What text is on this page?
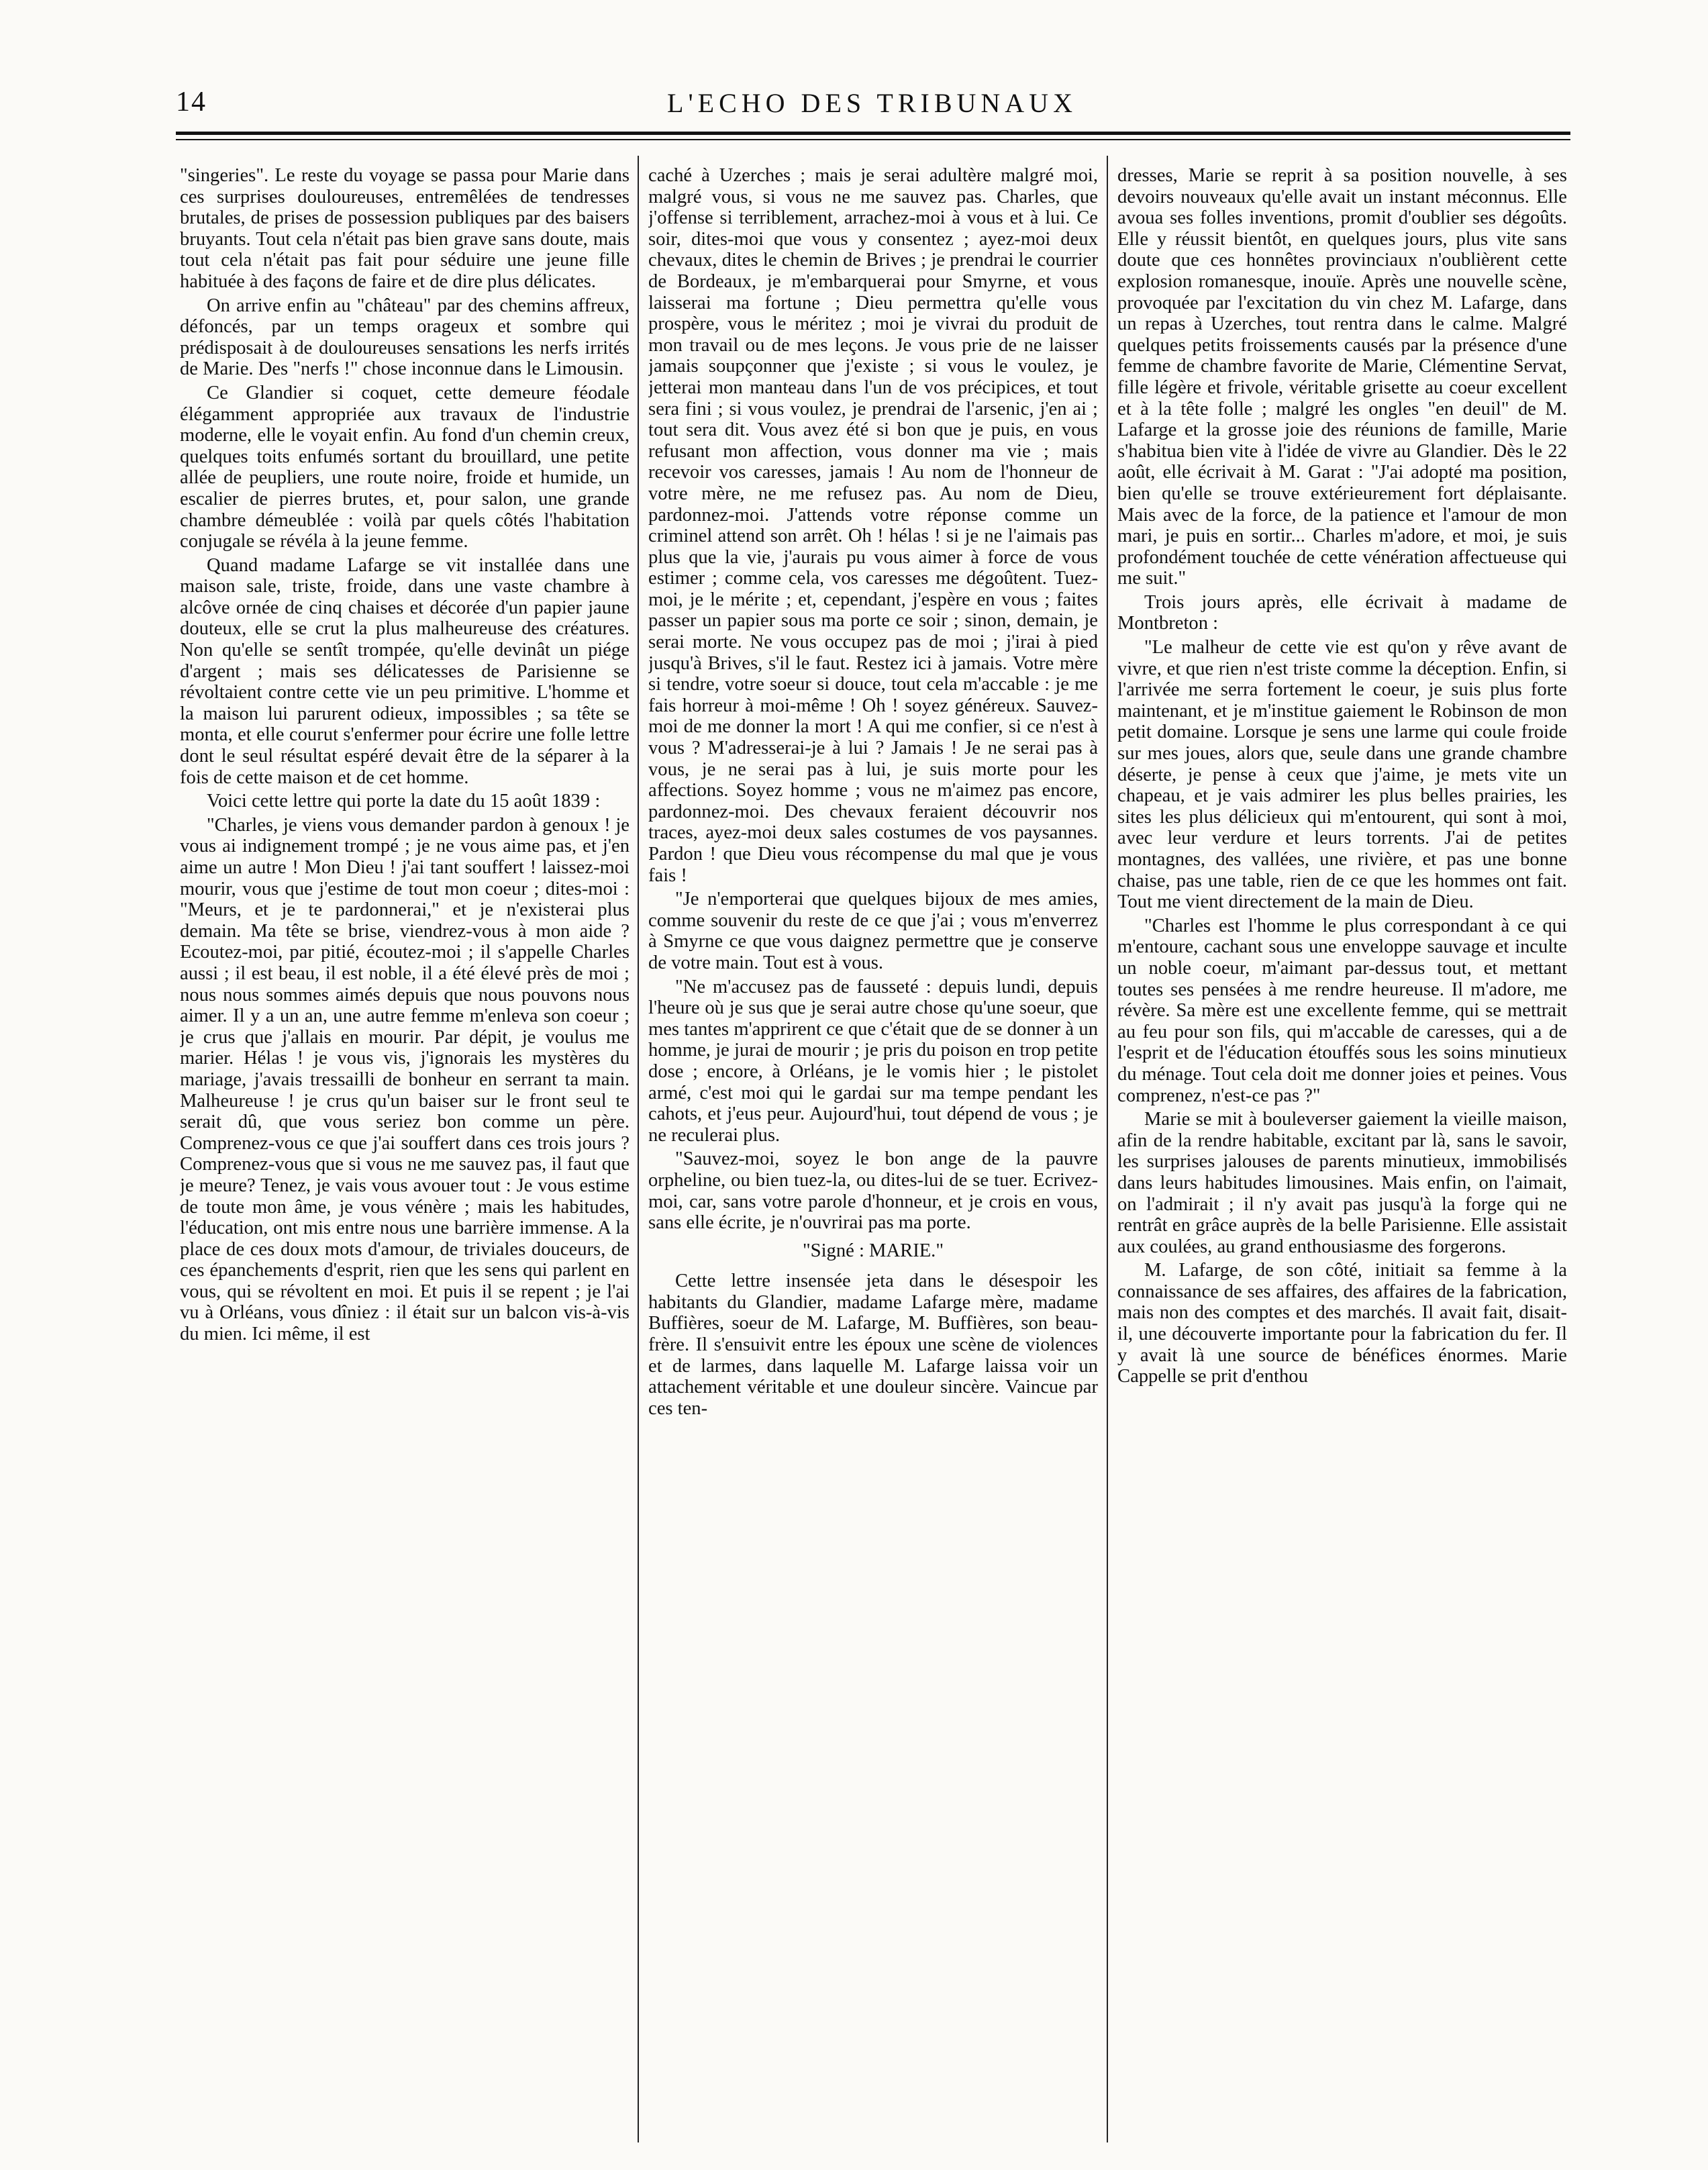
14	L'ECHO DES TRIBUNAUX

"singeries". Le reste du voyage se passa pour Marie dans ces surprises douloureuses, entremêlées de tendresses brutales, de prises de possession publiques par des baisers bruyants. Tout cela n'était pas bien grave sans doute, mais tout cela n'était pas fait pour séduire une jeune fille habituée à des façons de faire et de dire plus délicates.

On arrive enfin au "château" par des chemins affreux, défoncés, par un temps orageux et sombre qui prédisposait à de douloureuses sensations les nerfs irrités de Marie. Des "nerfs !" chose inconnue dans le Limousin.

Ce Glandier si coquet, cette demeure féodale élégamment appropriée aux travaux de l'industrie moderne, elle le voyait enfin. Au fond d'un chemin creux, quelques toits enfumés sortant du brouillard, une petite allée de peupliers, une route noire, froide et humide, un escalier de pierres brutes, et, pour salon, une grande chambre démeublée : voilà par quels côtés l'habitation conjugale se révéla à la jeune femme.

Quand madame Lafarge se vit installée dans une maison sale, triste, froide, dans une vaste chambre à alcôve ornée de cinq chaises et décorée d'un papier jaune douteux, elle se crut la plus malheureuse des créatures. Non qu'elle se sentît trompée, qu'elle devinât un piége d'argent ; mais ses délicatesses de Parisienne se révoltaient contre cette vie un peu primitive. L'homme et la maison lui parurent odieux, impossibles ; sa tête se monta, et elle courut s'enfermer pour écrire une folle lettre dont le seul résultat espéré devait être de la séparer à la fois de cette maison et de cet homme.

Voici cette lettre qui porte la date du 15 août 1839 :

"Charles, je viens vous demander pardon à genoux ! je vous ai indignement trompé ; je ne vous aime pas, et j'en aime un autre ! Mon Dieu ! j'ai tant souffert ! laissez-moi mourir, vous que j'estime de tout mon coeur ; dites-moi : "Meurs, et je te pardonnerai," et je n'existerai plus demain. Ma tête se brise, viendrez-vous à mon aide ? Ecoutez-moi, par pitié, écoutez-moi ; il s'appelle Charles aussi ; il est beau, il est noble, il a été élevé près de moi ; nous nous sommes aimés depuis que nous pouvons nous aimer. Il y a un an, une autre femme m'enleva son coeur ; je crus que j'allais en mourir. Par dépit, je voulus me marier. Hélas ! je vous vis, j'ignorais les mystères du mariage, j'avais tressailli de bonheur en serrant ta main. Malheureuse ! je crus qu'un baiser sur le front seul te serait dû, que vous seriez bon comme un père. Comprenez-vous ce que j'ai souffert dans ces trois jours ? Comprenez-vous que si vous ne me sauvez pas, il faut que je meure? Tenez, je vais vous avouer tout : Je vous estime de toute mon âme, je vous vénère ; mais les habitudes, l'éducation, ont mis entre nous une barrière immense. A la place de ces doux mots d'amour, de triviales douceurs, de ces épanchements d'esprit, rien que les sens qui parlent en vous, qui se révoltent en moi. Et puis il se repent ; je l'ai vu à Orléans, vous dîniez : il était sur un balcon vis-à-vis du mien. Ici même, il est

caché à Uzerches ; mais je serai adultère malgré moi, malgré vous, si vous ne me sauvez pas. Charles, que j'offense si terriblement, arrachez-moi à vous et à lui. Ce soir, dites-moi que vous y consentez ; ayez-moi deux chevaux, dites le chemin de Brives ; je prendrai le courrier de Bordeaux, je m'embarquerai pour Smyrne, et vous laisserai ma fortune ; Dieu permettra qu'elle vous prospère, vous le méritez ; moi je vivrai du produit de mon travail ou de mes leçons. Je vous prie de ne laisser jamais soupçonner que j'existe ; si vous le voulez, je jetterai mon manteau dans l'un de vos précipices, et tout sera fini ; si vous voulez, je prendrai de l'arsenic, j'en ai ; tout sera dit. Vous avez été si bon que je puis, en vous refusant mon affection, vous donner ma vie ; mais recevoir vos caresses, jamais ! Au nom de l'honneur de votre mère, ne me refusez pas. Au nom de Dieu, pardonnez-moi. J'attends votre réponse comme un criminel attend son arrêt. Oh ! hélas ! si je ne l'aimais pas plus que la vie, j'aurais pu vous aimer à force de vous estimer ; comme cela, vos caresses me dégoûtent. Tuez-moi, je le mérite ; et, cependant, j'espère en vous ; faites passer un papier sous ma porte ce soir ; sinon, demain, je serai morte. Ne vous occupez pas de moi ; j'irai à pied jusqu'à Brives, s'il le faut. Restez ici à jamais. Votre mère si tendre, votre soeur si douce, tout cela m'accable : je me fais horreur à moi-même ! Oh ! soyez généreux. Sauvez-moi de me donner la mort ! A qui me confier, si ce n'est à vous ? M'adresserai-je à lui ? Jamais ! Je ne serai pas à vous, je ne serai pas à lui, je suis morte pour les affections. Soyez homme ; vous ne m'aimez pas encore, pardonnez-moi. Des chevaux feraient découvrir nos traces, ayez-moi deux sales costumes de vos paysannes. Pardon ! que Dieu vous récompense du mal que je vous fais !

"Je n'emporterai que quelques bijoux de mes amies, comme souvenir du reste de ce que j'ai ; vous m'enverrez à Smyrne ce que vous daignez permettre que je conserve de votre main. Tout est à vous.

"Ne m'accusez pas de fausseté : depuis lundi, depuis l'heure où je sus que je serai autre chose qu'une soeur, que mes tantes m'apprirent ce que c'était que de se donner à un homme, je jurai de mourir ; je pris du poison en trop petite dose ; encore, à Orléans, je le vomis hier ; le pistolet armé, c'est moi qui le gardai sur ma tempe pendant les cahots, et j'eus peur. Aujourd'hui, tout dépend de vous ; je ne reculerai plus.

"Sauvez-moi, soyez le bon ange de la pauvre orpheline, ou bien tuez-la, ou dites-lui de se tuer. Ecrivez-moi, car, sans votre parole d'honneur, et je crois en vous, sans elle écrite, je n'ouvrirai pas ma porte.

"Signé : MARIE."

Cette lettre insensée jeta dans le désespoir les habitants du Glandier, madame Lafarge mère, madame Buffières, soeur de M. Lafarge, M. Buffières, son beau-frère. Il s'ensuivit entre les époux une scène de violences et de larmes, dans laquelle M. Lafarge laissa voir un attachement véritable et une douleur sincère. Vaincue par ces ten-

dresses, Marie se reprit à sa position nouvelle, à ses devoirs nouveaux qu'elle avait un instant méconnus. Elle avoua ses folles inventions, promit d'oublier ses dégoûts. Elle y réussit bientôt, en quelques jours, plus vite sans doute que ces honnêtes provinciaux n'oublièrent cette explosion romanesque, inouïe. Après une nouvelle scène, provoquée par l'excitation du vin chez M. Lafarge, dans un repas à Uzerches, tout rentra dans le calme. Malgré quelques petits froissements causés par la présence d'une femme de chambre favorite de Marie, Clémentine Servat, fille légère et frivole, véritable grisette au coeur excellent et à la tête folle ; malgré les ongles "en deuil" de M. Lafarge et la grosse joie des réunions de famille, Marie s'habitua bien vite à l'idée de vivre au Glandier. Dès le 22 août, elle écrivait à M. Garat : "J'ai adopté ma position, bien qu'elle se trouve extérieurement fort déplaisante. Mais avec de la force, de la patience et l'amour de mon mari, je puis en sortir... Charles m'adore, et moi, je suis profondément touchée de cette vénération affectueuse qui me suit."

Trois jours après, elle écrivait à madame de Montbreton :

"Le malheur de cette vie est qu'on y rêve avant de vivre, et que rien n'est triste comme la déception. Enfin, si l'arrivée me serra fortement le coeur, je suis plus forte maintenant, et je m'institue gaiement le Robinson de mon petit domaine. Lorsque je sens une larme qui coule froide sur mes joues, alors que, seule dans une grande chambre déserte, je pense à ceux que j'aime, je mets vite un chapeau, et je vais admirer les plus belles prairies, les sites les plus délicieux qui m'entourent, qui sont à moi, avec leur verdure et leurs torrents. J'ai de petites montagnes, des vallées, une rivière, et pas une bonne chaise, pas une table, rien de ce que les hommes ont fait. Tout me vient directement de la main de Dieu.

"Charles est l'homme le plus correspondant à ce qui m'entoure, cachant sous une enveloppe sauvage et inculte un noble coeur, m'aimant par-dessus tout, et mettant toutes ses pensées à me rendre heureuse. Il m'adore, me révère. Sa mère est une excellente femme, qui se mettrait au feu pour son fils, qui m'accable de caresses, qui a de l'esprit et de l'éducation étouffés sous les soins minutieux du ménage. Tout cela doit me donner joies et peines. Vous comprenez, n'est-ce pas ?"

Marie se mit à bouleverser gaiement la vieille maison, afin de la rendre habitable, excitant par là, sans le savoir, les surprises jalouses de parents minutieux, immobilisés dans leurs habitudes limousines. Mais enfin, on l'aimait, on l'admirait ; il n'y avait pas jusqu'à la forge qui ne rentrât en grâce auprès de la belle Parisienne. Elle assistait aux coulées, au grand enthousiasme des forgerons.

M. Lafarge, de son côté, initiait sa femme à la connaissance de ses affaires, des affaires de la fabrication, mais non des comptes et des marchés. Il avait fait, disait-il, une découverte importante pour la fabrication du fer. Il y avait là une source de bénéfices énormes. Marie Cappelle se prit d'enthou
